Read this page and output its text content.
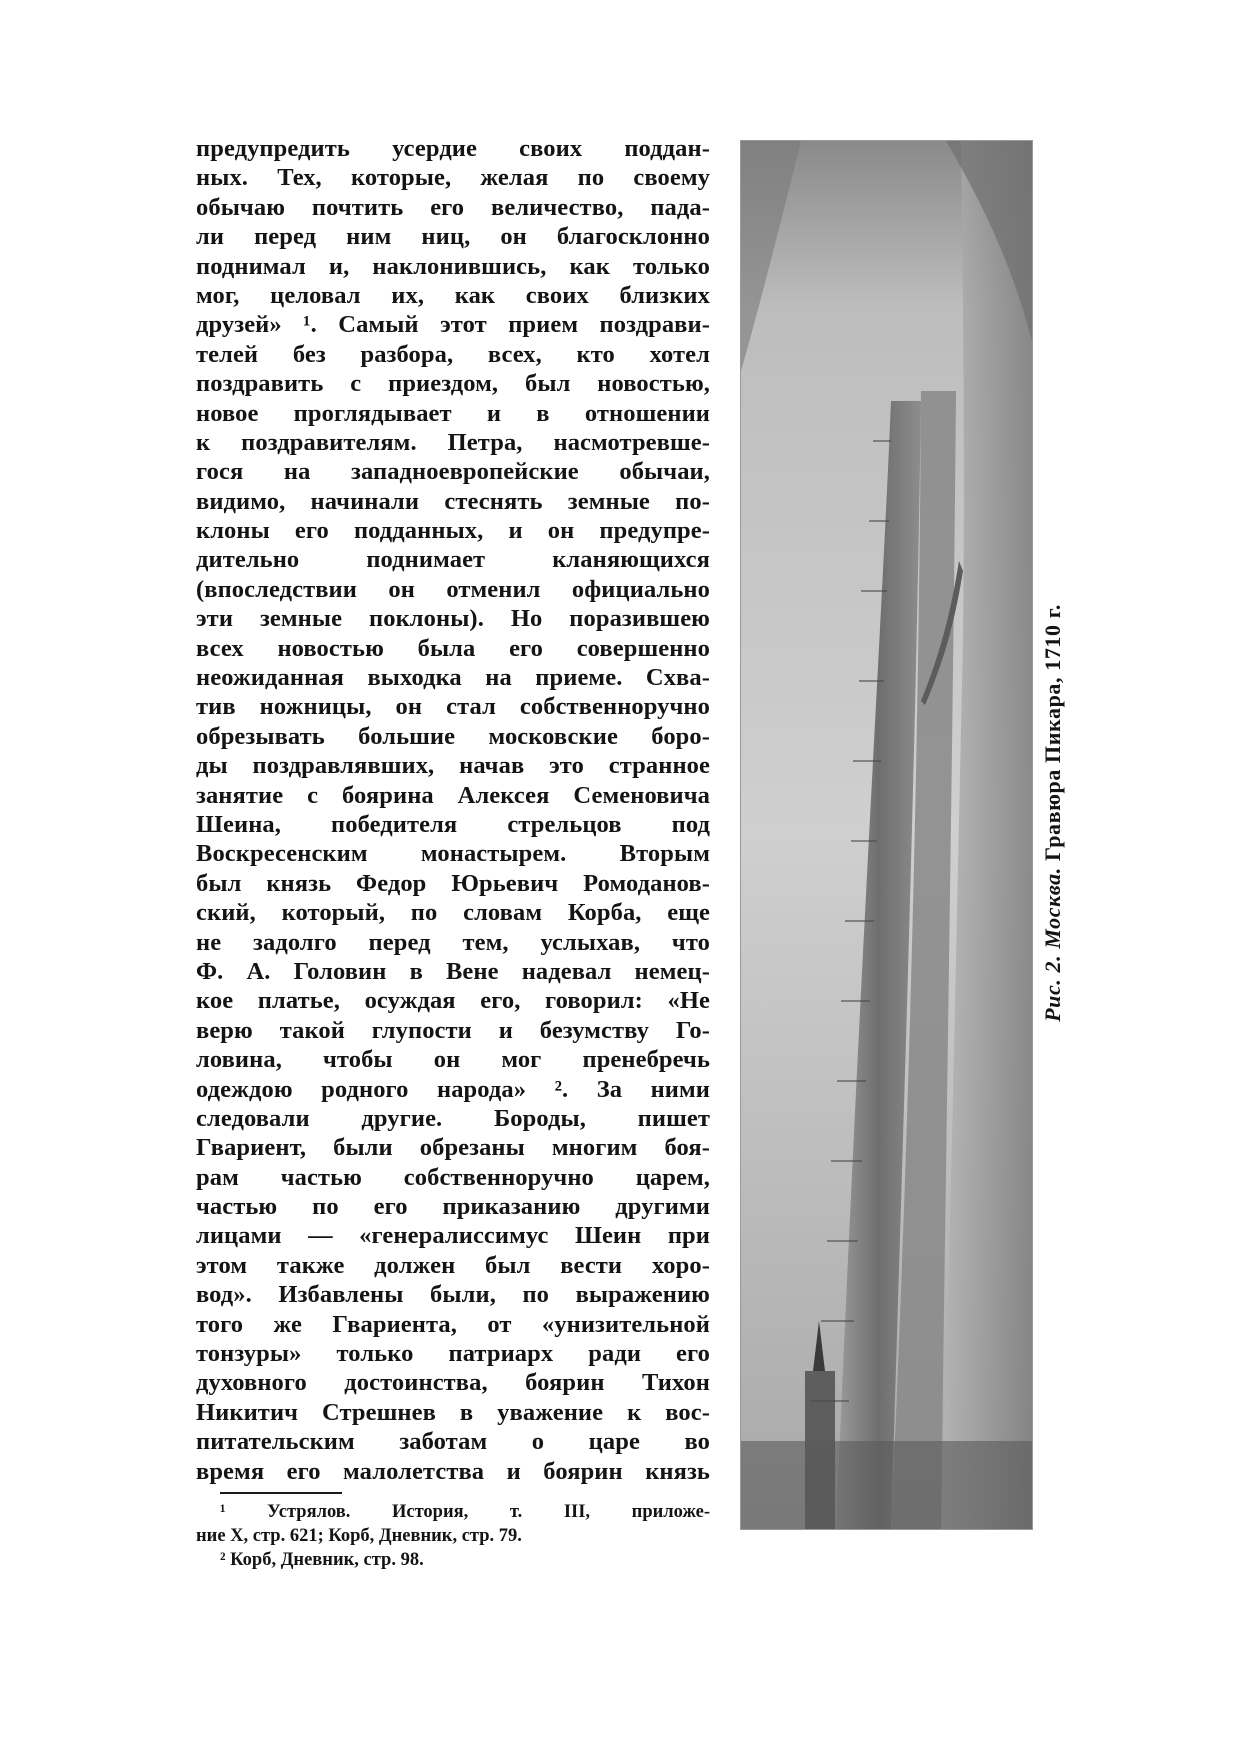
предупредить усердие своих поддан-
ных. Тех, которые, желая по своему
обычаю почтить его величество, пада-
ли перед ним ниц, он благосклонно
поднимал и, наклонившись, как только
мог, целовал их, как своих близких
друзей» ¹. Самый этот прием поздрави-
телей без разбора, всех, кто хотел
поздравить с приездом, был новостью,
новое проглядывает и в отношении
к поздравителям. Петра, насмотревше-
гося на западноевропейские обычаи,
видимо, начинали стеснять земные по-
клоны его подданных, и он предупре-
дительно поднимает кланяющихся
(впоследствии он отменил официально
эти земные поклоны). Но поразившею
всех новостью была его совершенно
неожиданная выходка на приеме. Схва-
тив ножницы, он стал собственноручно
обрезывать большие московские боро-
ды поздравлявших, начав это странное
занятие с боярина Алексея Семеновича
Шеина, победителя стрельцов под
Воскресенским монастырем. Вторым
был князь Федор Юрьевич Ромоданов-
ский, который, по словам Корба, еще
не задолго перед тем, услыхав, что
Ф. А. Головин в Вене надевал немец-
кое платье, осуждая его, говорил: «Не
верю такой глупости и безумству Го-
ловина, чтобы он мог пренебречь
одеждою родного народа» ². За ними
следовали другие. Бороды, пишет
Гвариент, были обрезаны многим боя-
рам частью собственноручно царем,
частью по его приказанию другими
лицами — «генералиссимус Шеин при
этом также должен был вести хоро-
вод». Избавлены были, по выражению
того же Гвариента, от «унизительной
тонзуры» только патриарх ради его
духовного достоинства, боярин Тихон
Никитич Стрешнев в уважение к вос-
питательским заботам о царе во
время его малолетства и боярин князь
¹ Устрялов. История, т. III, приложе-
ние X, стр. 621; Корб, Дневник, стр. 79.
² Корб, Дневник, стр. 98.
Рис. 2. Москва. Гравюра Пикара, 1710 г.
